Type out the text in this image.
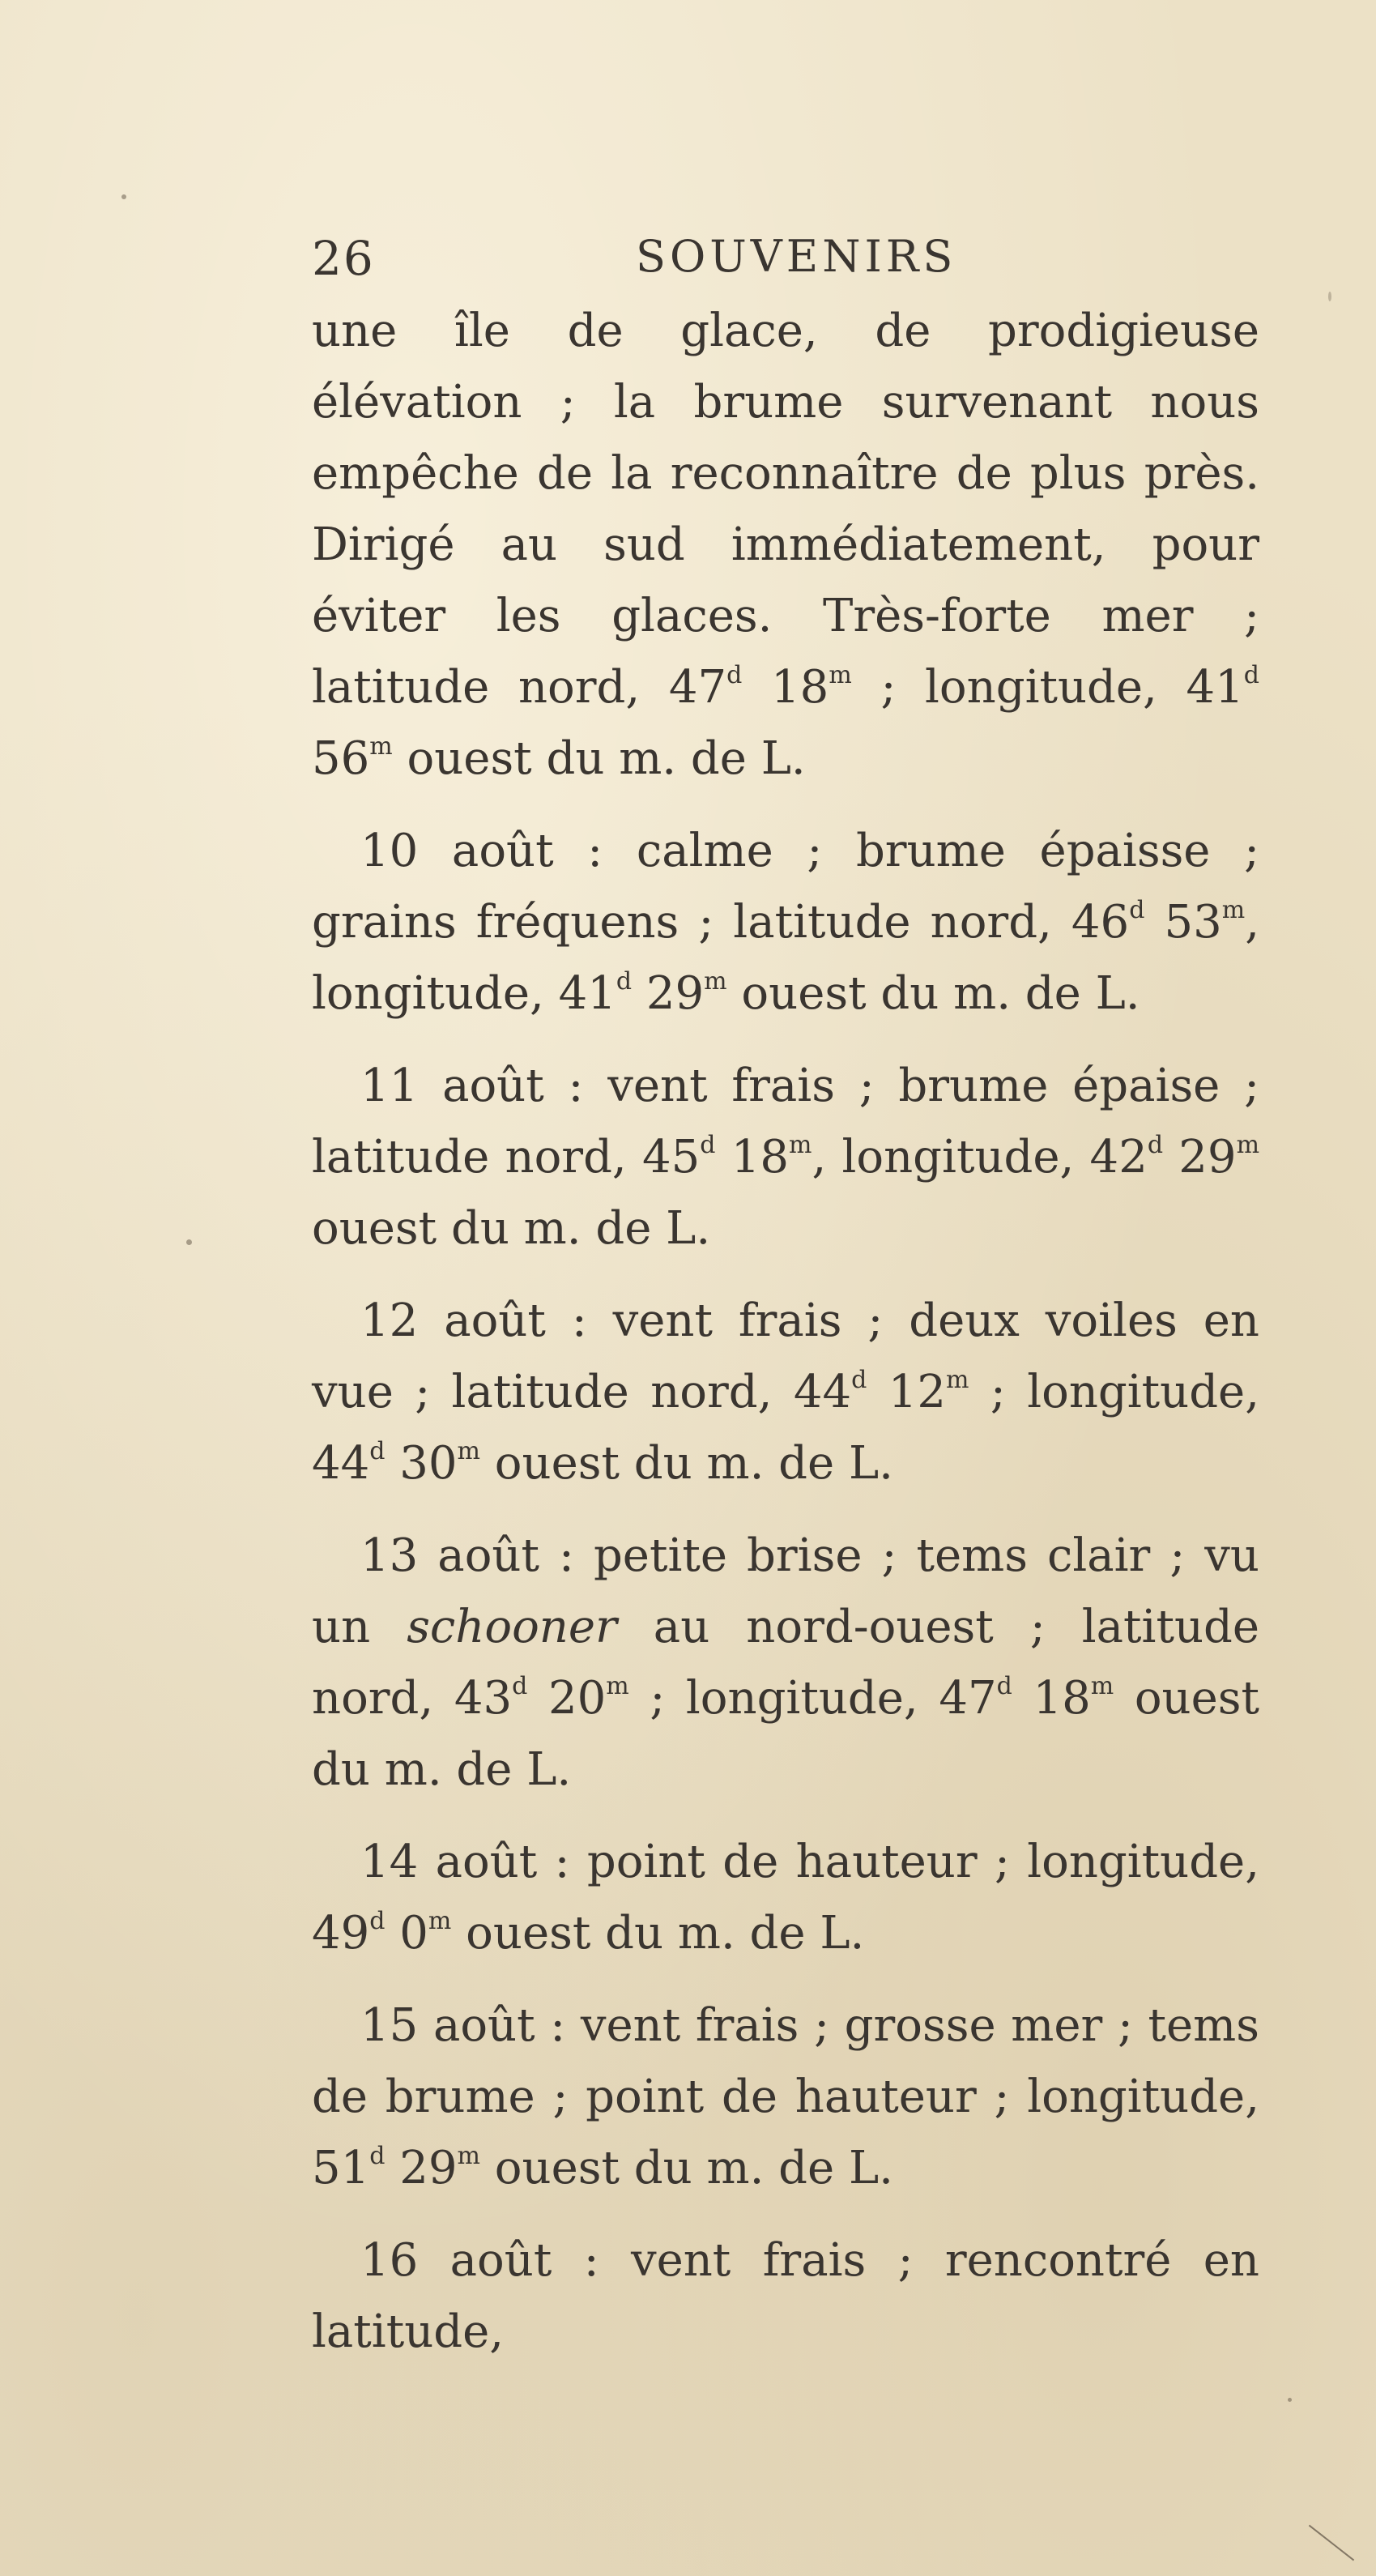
26	SOUVENIRS

une île de glace, de prodigieuse élévation ; la brume survenant nous empêche de la reconnaître de plus près. Dirigé au sud immédiatement, pour éviter les glaces. Très-forte mer ; latitude nord, 47$^d$ 18$^m$ ; longitude, 41$^d$ 56$^m$ ouest du m. de L.

10 août : calme ; brume épaisse ; grains fréquens ; latitude nord, 46$^d$ 53$^m$, longitude, 41$^d$ 29$^m$ ouest du m. de L.

11 août : vent frais ; brume épaise ; latitude nord, 45$^d$ 18$^m$, longitude, 42$^d$ 29$^m$ ouest du m. de L.

12 août : vent frais ; deux voiles en vue ; latitude nord, 44$^d$ 12$^m$ ; longitude, 44$^d$ 30$^m$ ouest du m. de L.

13 août : petite brise ; tems clair ; vu un schooner au nord-ouest ; latitude nord, 43$^d$ 20$^m$ ; longitude, 47$^d$ 18$^m$ ouest du m. de L.

14 août : point de hauteur ; longitude, 49$^d$ 0$^m$ ouest du m. de L.

15 août : vent frais ; grosse mer ; tems de brume ; point de hauteur ; longitude, 51$^d$ 29$^m$ ouest du m. de L.

16 août : vent frais ; rencontré en latitude,
